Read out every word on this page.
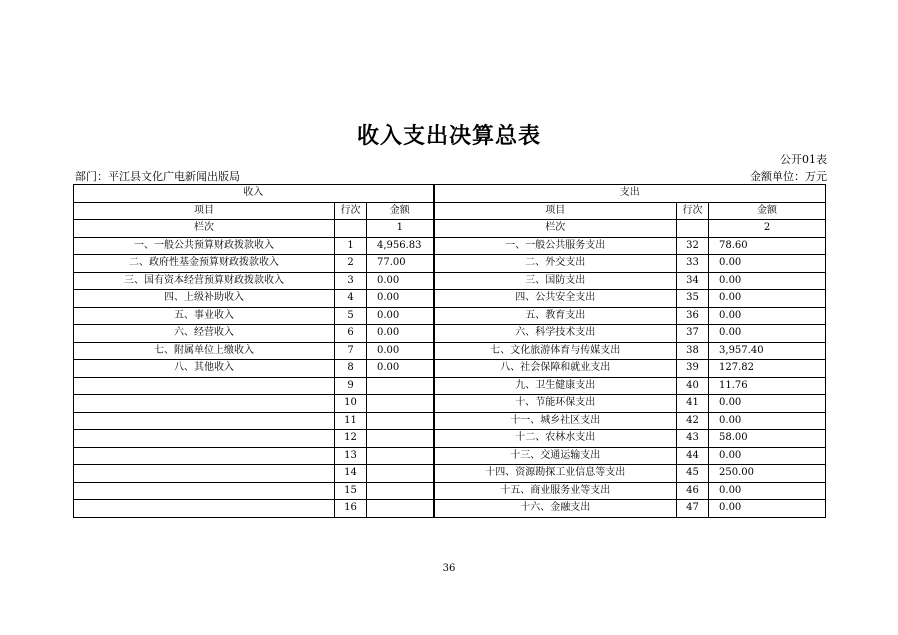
收入支出决算总表
公开01表
部门：平江县文化广电新闻出版局	金额单位：万元
收入			支出		
项目	行次	金额	项目	行次	金额
栏次		1	栏次		2
一、一般公共预算财政拨款收入	1	4,956.83	一、一般公共服务支出	32	78.60
二、政府性基金预算财政拨款收入	2	77.00	二、外交支出	33	0.00
三、国有资本经营预算财政拨款收入	3	0.00	三、国防支出	34	0.00
四、上级补助收入	4	0.00	四、公共安全支出	35	0.00
五、事业收入	5	0.00	五、教育支出	36	0.00
六、经营收入	6	0.00	六、科学技术支出	37	0.00
七、附属单位上缴收入	7	0.00	七、文化旅游体育与传媒支出	38	3,957.40
八、其他收入	8	0.00	八、社会保障和就业支出	39	127.82
	9		九、卫生健康支出	40	11.76
	10		十、节能环保支出	41	0.00
	11		十一、城乡社区支出	42	0.00
	12		十二、农林水支出	43	58.00
	13		十三、交通运输支出	44	0.00
	14		十四、资源勘探工业信息等支出	45	250.00
	15		十五、商业服务业等支出	46	0.00
	16		十六、金融支出	47	0.00
36
